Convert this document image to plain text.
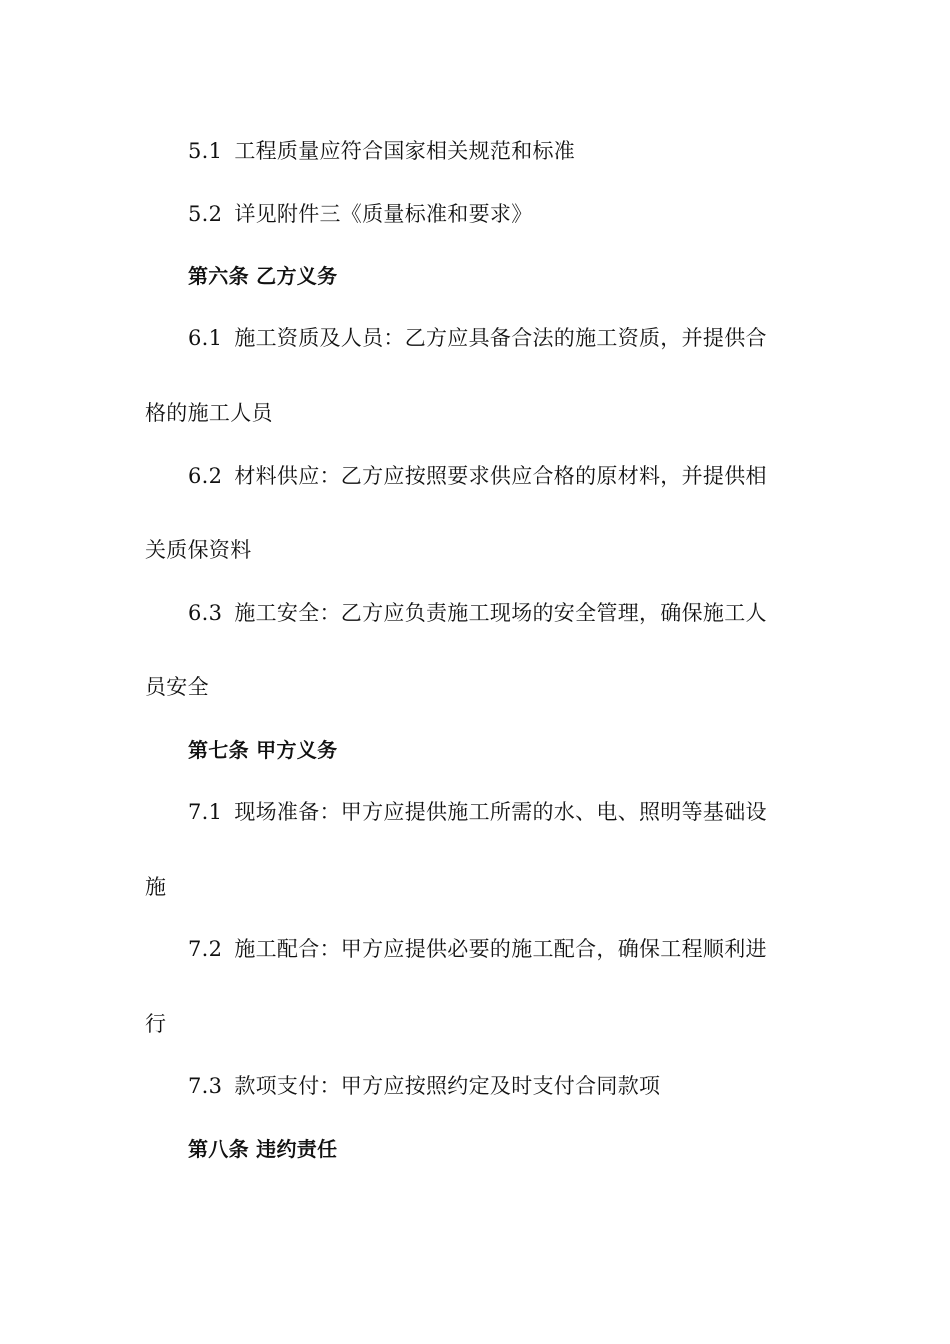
5.1 工程质量应符合国家相关规范和标准
5.2 详见附件三《质量标准和要求》
第六条 乙方义务
6.1 施工资质及人员：乙方应具备合法的施工资质，并提供合
格的施工人员
6.2 材料供应：乙方应按照要求供应合格的原材料，并提供相
关质保资料
6.3 施工安全：乙方应负责施工现场的安全管理，确保施工人
员安全
第七条 甲方义务
7.1 现场准备：甲方应提供施工所需的水、电、照明等基础设
施
7.2 施工配合：甲方应提供必要的施工配合，确保工程顺利进
行
7.3 款项支付：甲方应按照约定及时支付合同款项
第八条 违约责任
